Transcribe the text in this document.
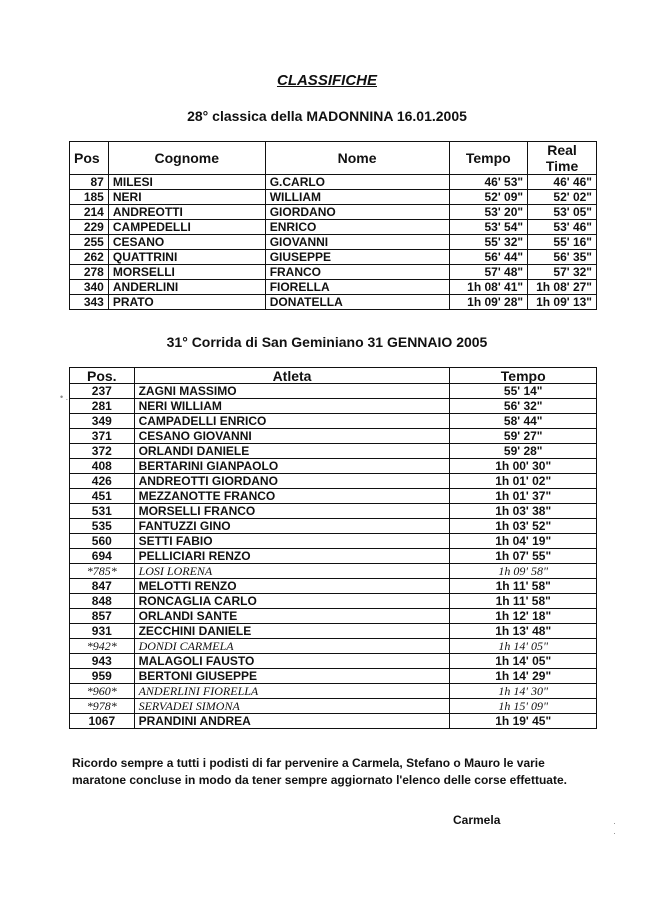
CLASSIFICHE
28° classica della MADONNINA 16.01.2005
Pos	Cognome	Nome	Tempo	Real Time
87	MILESI	G.CARLO	46' 53"	46' 46"
185	NERI	WILLIAM	52' 09"	52' 02"
214	ANDREOTTI	GIORDANO	53' 20"	53' 05"
229	CAMPEDELLI	ENRICO	53' 54"	53' 46"
255	CESANO	GIOVANNI	55' 32"	55' 16"
262	QUATTRINI	GIUSEPPE	56' 44"	56' 35"
278	MORSELLI	FRANCO	57' 48"	57' 32"
340	ANDERLINI	FIORELLA	1h 08' 41"	1h 08' 27"
343	PRATO	DONATELLA	1h 09' 28"	1h 09' 13"
31° Corrida di San Geminiano 31 GENNAIO 2005
• .
Pos.	Atleta	Tempo
237	ZAGNI MASSIMO	55' 14"
281	NERI WILLIAM	56' 32"
349	CAMPADELLI ENRICO	58' 44"
371	CESANO GIOVANNI	59' 27"
372	ORLANDI DANIELE	59' 28"
408	BERTARINI GIANPAOLO	1h 00' 30"
426	ANDREOTTI GIORDANO	1h 01' 02"
451	MEZZANOTTE FRANCO	1h 01' 37"
531	MORSELLI FRANCO	1h 03' 38"
535	FANTUZZI GINO	1h 03' 52"
560	SETTI FABIO	1h 04' 19"
694	PELLICIARI RENZO	1h 07' 55"
*785*	LOSI LORENA	1h 09' 58"
847	MELOTTI RENZO	1h 11' 58"
848	RONCAGLIA CARLO	1h 11' 58"
857	ORLANDI SANTE	1h 12' 18"
931	ZECCHINI DANIELE	1h 13' 48"
*942*	DONDI CARMELA	1h 14' 05"
943	MALAGOLI FAUSTO	1h 14' 05"
959	BERTONI GIUSEPPE	1h 14' 29"
*960*	ANDERLINI FIORELLA	1h 14' 30"
*978*	SERVADEI SIMONA	1h 15' 09"
1067	PRANDINI ANDREA	1h 19' 45"
Ricordo sempre a tutti i podisti di far pervenire a Carmela, Stefano o Mauro le varie maratone concluse in modo da tener sempre aggiornato l'elenco delle corse effettuate.
Carmela	·
·
